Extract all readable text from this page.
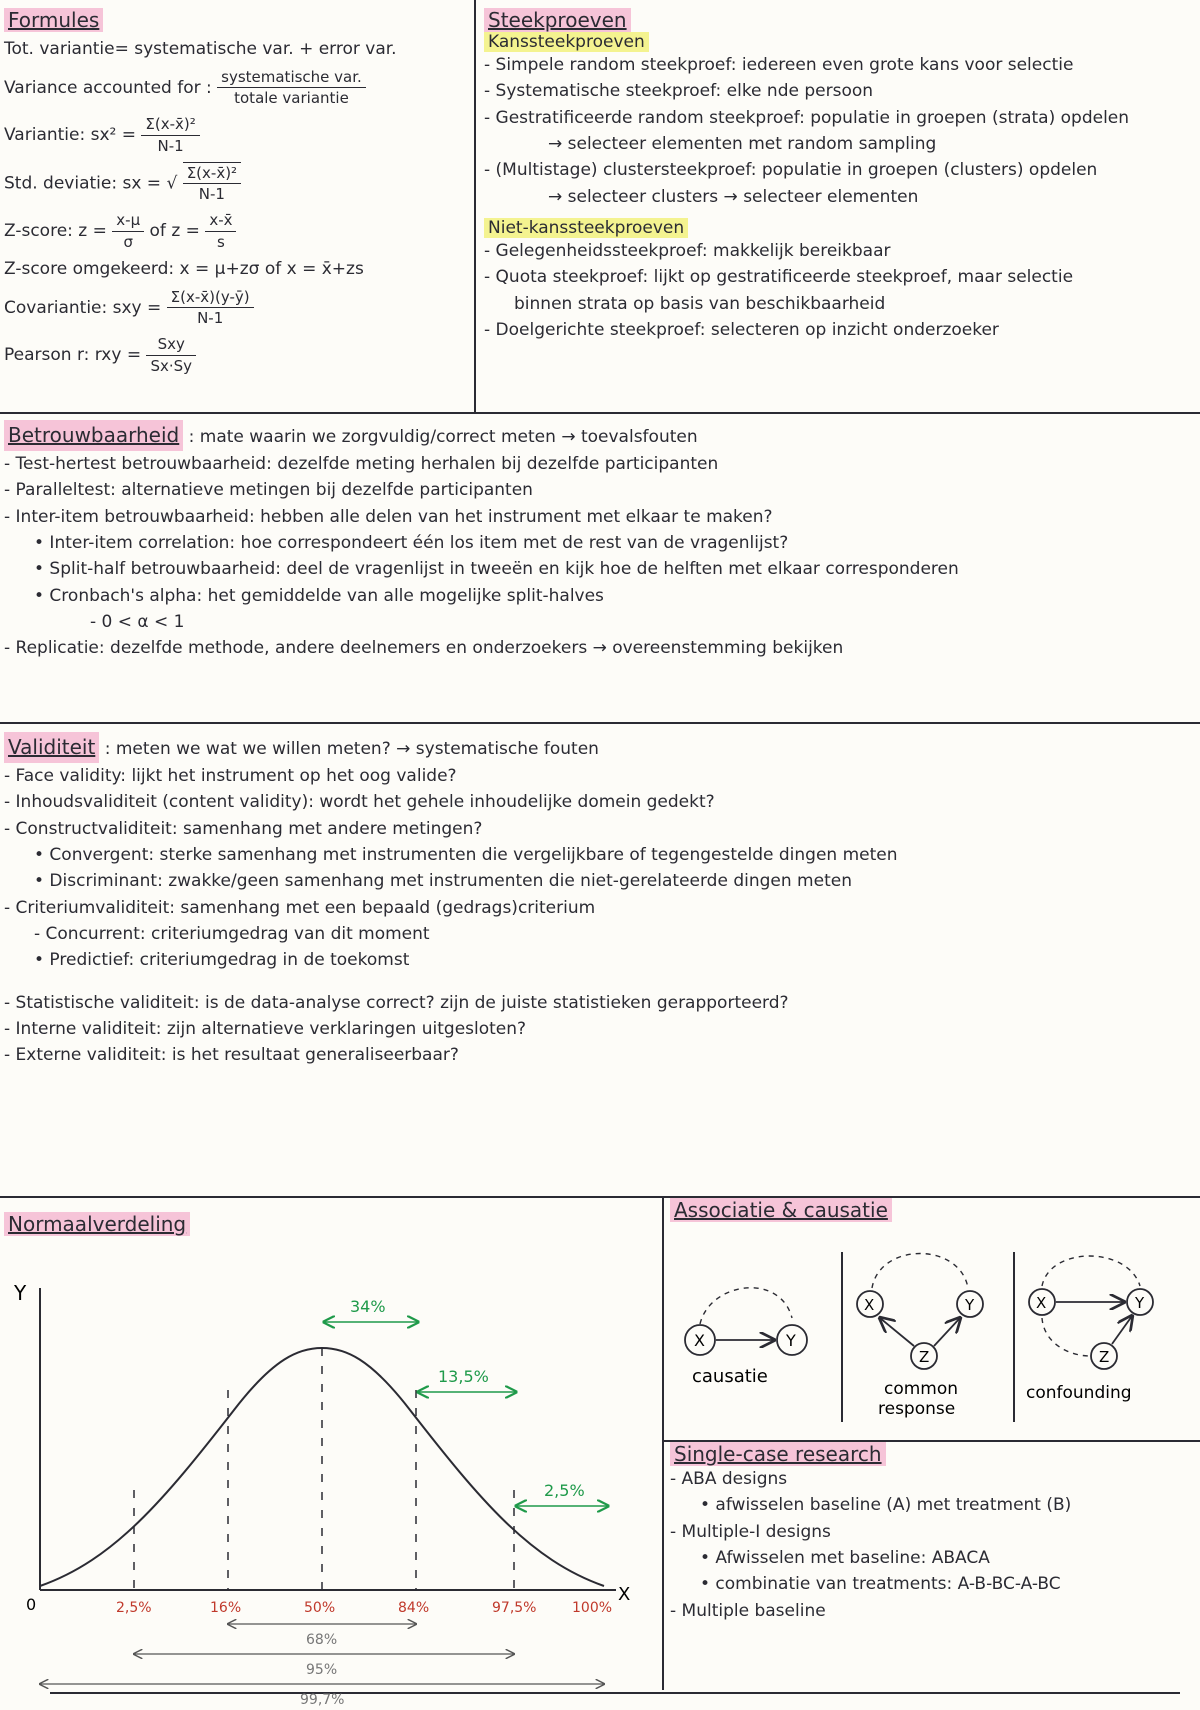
Formules
Tot. variantie= systematische var. + error var.
Variance accounted for : $\frac{\text{systematische var.}}{\text{totale variantie}}$
Variantie: $sx^2 = \frac{\text{Σ(x-x̄)²}}{N-1}$
Std. deviatie: sx = √ $\frac{\text{Σ(x-x̄)²}}{N-1}$
Z-score: $z = \frac{x-\mu}{\sigma}$ of $z = \frac{x-x̄}{s}$
Z-score omgekeerd: x = μ+zσ of x = x̄+zs
Covariantie: sxy = $\frac{\Sigma(x-x̄)(y-ȳ)}{N-1}$
Pearson r: rxy = $\frac{\text{Sxy}}{Sx\cdot Sy}$
Steekproeven
Kanssteekproeven
- Simpele random steekproef: iedereen even grote kans voor selectie
- Systematische steekproef: elke nde persoon
- Gestratificeerde random steekproef: populatie in groepen (strata) opdelen
→ selecteer elementen met random sampling
- (Multistage) clustersteekproef: populatie in groepen (clusters) opdelen
→ selecteer clusters → selecteer elementen
Niet-kanssteekproeven
- Gelegenheidssteekproef: makkelijk bereikbaar
- Quota steekproef: lijkt op gestratificeerde steekproef, maar selectie
binnen strata op basis van beschikbaarheid
- Doelgerichte steekproef: selecteren op inzicht onderzoeker
Betrouwbaarheid : mate waarin we zorgvuldig/correct meten → toevalsfouten
- Test-hertest betrouwbaarheid: dezelfde meting herhalen bij dezelfde participanten
- Paralleltest: alternatieve metingen bij dezelfde participanten
- Inter-item betrouwbaarheid: hebben alle delen van het instrument met elkaar te maken?
• Inter-item correlation: hoe correspondeert één los item met de rest van de vragenlijst?
• Split-half betrouwbaarheid: deel de vragenlijst in tweeën en kijk hoe de helften met elkaar corresponderen
• Cronbach's alpha: het gemiddelde van alle mogelijke split-halves
- 0 < α < 1
- Replicatie: dezelfde methode, andere deelnemers en onderzoekers → overeenstemming bekijken
Validiteit : meten we wat we willen meten? → systematische fouten
- Face validity: lijkt het instrument op het oog valide?
- Inhoudsvaliditeit (content validity): wordt het gehele inhoudelijke domein gedekt?
- Constructvaliditeit: samenhang met andere metingen?
• Convergent: sterke samenhang met instrumenten die vergelijkbare of tegengestelde dingen meten
• Discriminant: zwakke/geen samenhang met instrumenten die niet-gerelateerde dingen meten
- Criteriumvaliditeit: samenhang met een bepaald (gedrags)criterium
- Concurrent: criteriumgedrag van dit moment
• Predictief: criteriumgedrag in de toekomst
- Statistische validiteit: is de data-analyse correct? zijn de juiste statistieken gerapporteerd?
- Interne validiteit: zijn alternatieve verklaringen uitgesloten?
- Externe validiteit: is het resultaat generaliseerbaar?
Normaalverdeling
Y
X
0	2,5%	16%	50%	84%	97,5%	100%
34%
13,5%
2,5%
68%
95%
99,7%
Associatie & causatie
X	Y
causatie
X	Y
Z
common
response
X	Y
Z
confounding
Single-case research
- ABA designs
• afwisselen baseline (A) met treatment (B)
- Multiple-I designs
• Afwisselen met baseline: ABACA
• combinatie van treatments: A-B-BC-A-BC
- Multiple baseline
